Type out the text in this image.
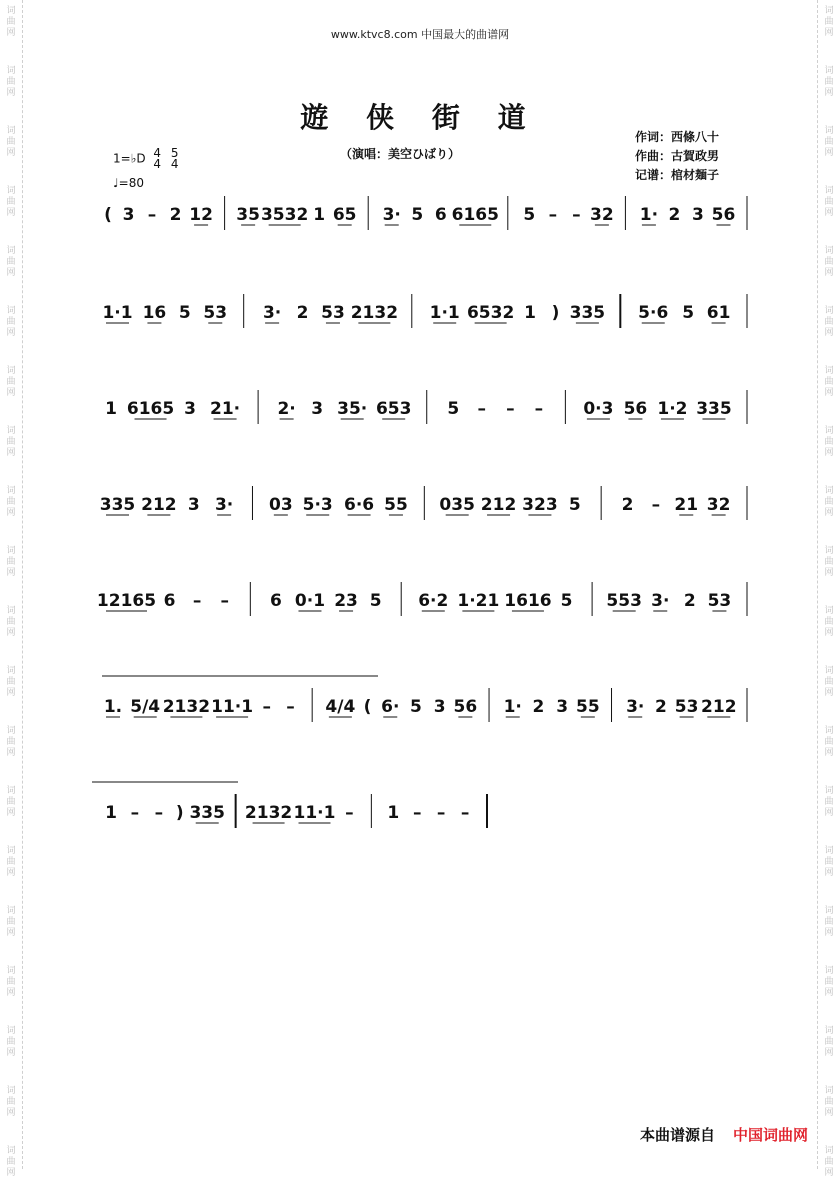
www.ktvc8.com 中国最大的曲谱网
遊 侠 街 道
（演唱：美空ひばり）
作词：西條八十
作曲：古賀政男
记谱：棺材麺子
( 3 – 2 12 35 3532 1 65 3· 5 6 6165 5 – – 32 1· 2 3 56
1·1 16 5 53 3· 2 53 2132 1·1 6532 1 ) 335 5·6 5 61
1 6165 3 21· 2· 3 35· 653 5 – – – 0·3 56 1·2 335
335 212 3 3· 03 5·3 6·6 55 035 212 323 5 2 – 21 32
12165 6 – – 6 0·1 23 5 6·2 1·21 1616 5 553 3· 2 53
1. 5/4 2132 11·1 – – 4/4 ( 6· 5 3 56 1· 2 3 55 3· 2 53 212
1 – – ) 335 2132 11·1 – 1 – – –
本曲谱源自 中国词曲网
词
曲
网
词
曲
网
词
曲
网
词
曲
网
词
曲
网
词
曲
网
词
曲
网
词
曲
网
词
曲
网
词
曲
网
词
曲
网
词
曲
网
词
曲
网
词
曲
网
词
曲
网
词
曲
网
词
曲
网
词
曲
网
词
曲
网
词
曲
网
词
曲
网
词
曲
网
词
曲
网
词
曲
网
词
曲
网
词
曲
网
词
曲
网
词
曲
网
词
曲
网
词
曲
网
词
曲
网
词
曲
网
词
曲
网
词
曲
网
词
曲
网
词
曲
网
词
曲
网
词
曲
网
词
曲
网
词
曲
网
1=♭D 4
4 5
4
♩=80
